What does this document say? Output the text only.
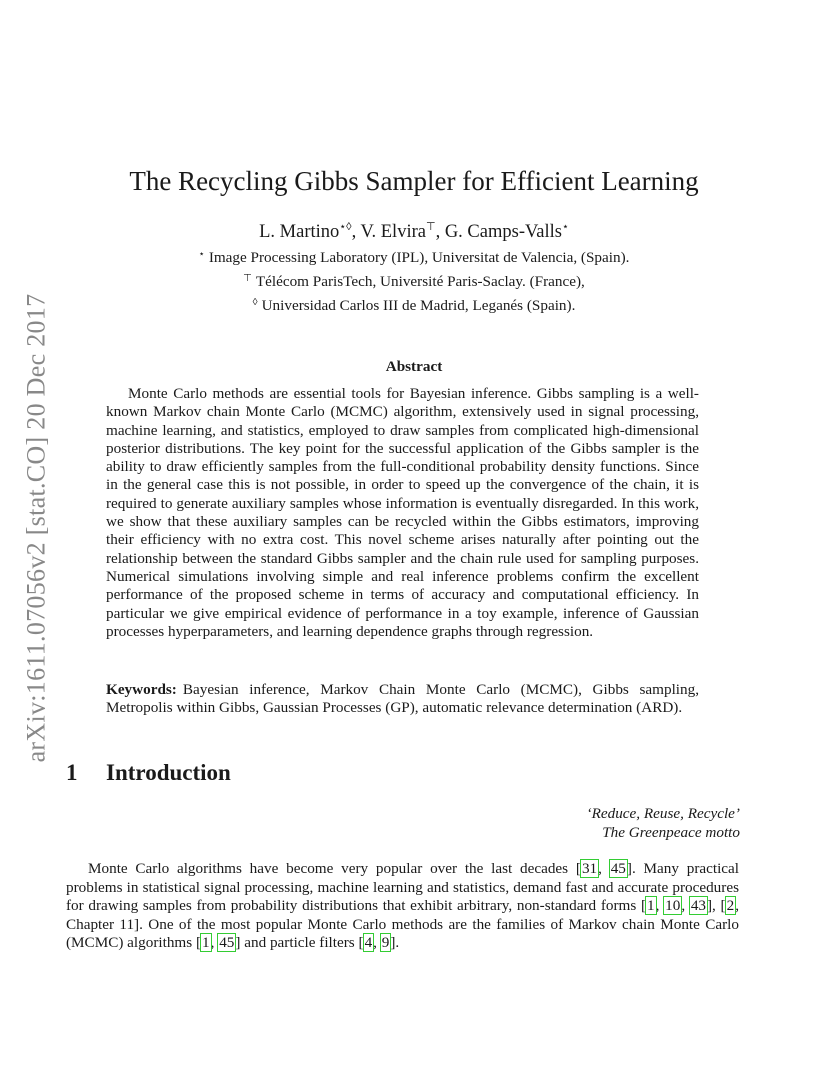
arXiv:1611.07056v2 [stat.CO] 20 Dec 2017
The Recycling Gibbs Sampler for Efficient Learning
L. Martino⋆◊, V. Elvira⊤, G. Camps-Valls⋆
⋆ Image Processing Laboratory (IPL), Universitat de Valencia, (Spain).
⊤ Télécom ParisTech, Université Paris-Saclay. (France),
◊ Universidad Carlos III de Madrid, Leganés (Spain).
Abstract

Monte Carlo methods are essential tools for Bayesian inference. Gibbs sampling is a well-known Markov chain Monte Carlo (MCMC) algorithm, extensively used in signal processing, machine learning, and statistics, employed to draw samples from complicated high-dimensional posterior distributions. The key point for the successful application of the Gibbs sampler is the ability to draw efficiently samples from the full-conditional probability density functions. Since in the general case this is not possible, in order to speed up the convergence of the chain, it is required to generate auxiliary samples whose information is eventually disregarded. In this work, we show that these auxiliary samples can be recycled within the Gibbs estimators, improving their efficiency with no extra cost. This novel scheme arises naturally after pointing out the relationship between the standard Gibbs sampler and the chain rule used for sampling purposes. Numerical simulations involving simple and real inference problems confirm the excellent performance of the proposed scheme in terms of accuracy and computational efficiency. In particular we give empirical evidence of performance in a toy example, inference of Gaussian processes hyperparameters, and learning dependence graphs through regression.

Keywords: Bayesian inference, Markov Chain Monte Carlo (MCMC), Gibbs sampling, Metropolis within Gibbs, Gaussian Processes (GP), automatic relevance determination (ARD).

1 Introduction
‘Reduce, Reuse, Recycle’
The Greenpeace motto

Monte Carlo algorithms have become very popular over the last decades [31, 45]. Many practical problems in statistical signal processing, machine learning and statistics, demand fast and accurate procedures for drawing samples from probability distributions that exhibit arbitrary, non-standard forms [1, 10, 43], [2, Chapter 11]. One of the most popular Monte Carlo methods are the families of Markov chain Monte Carlo (MCMC) algorithms [1, 45] and particle filters [4, 9].
